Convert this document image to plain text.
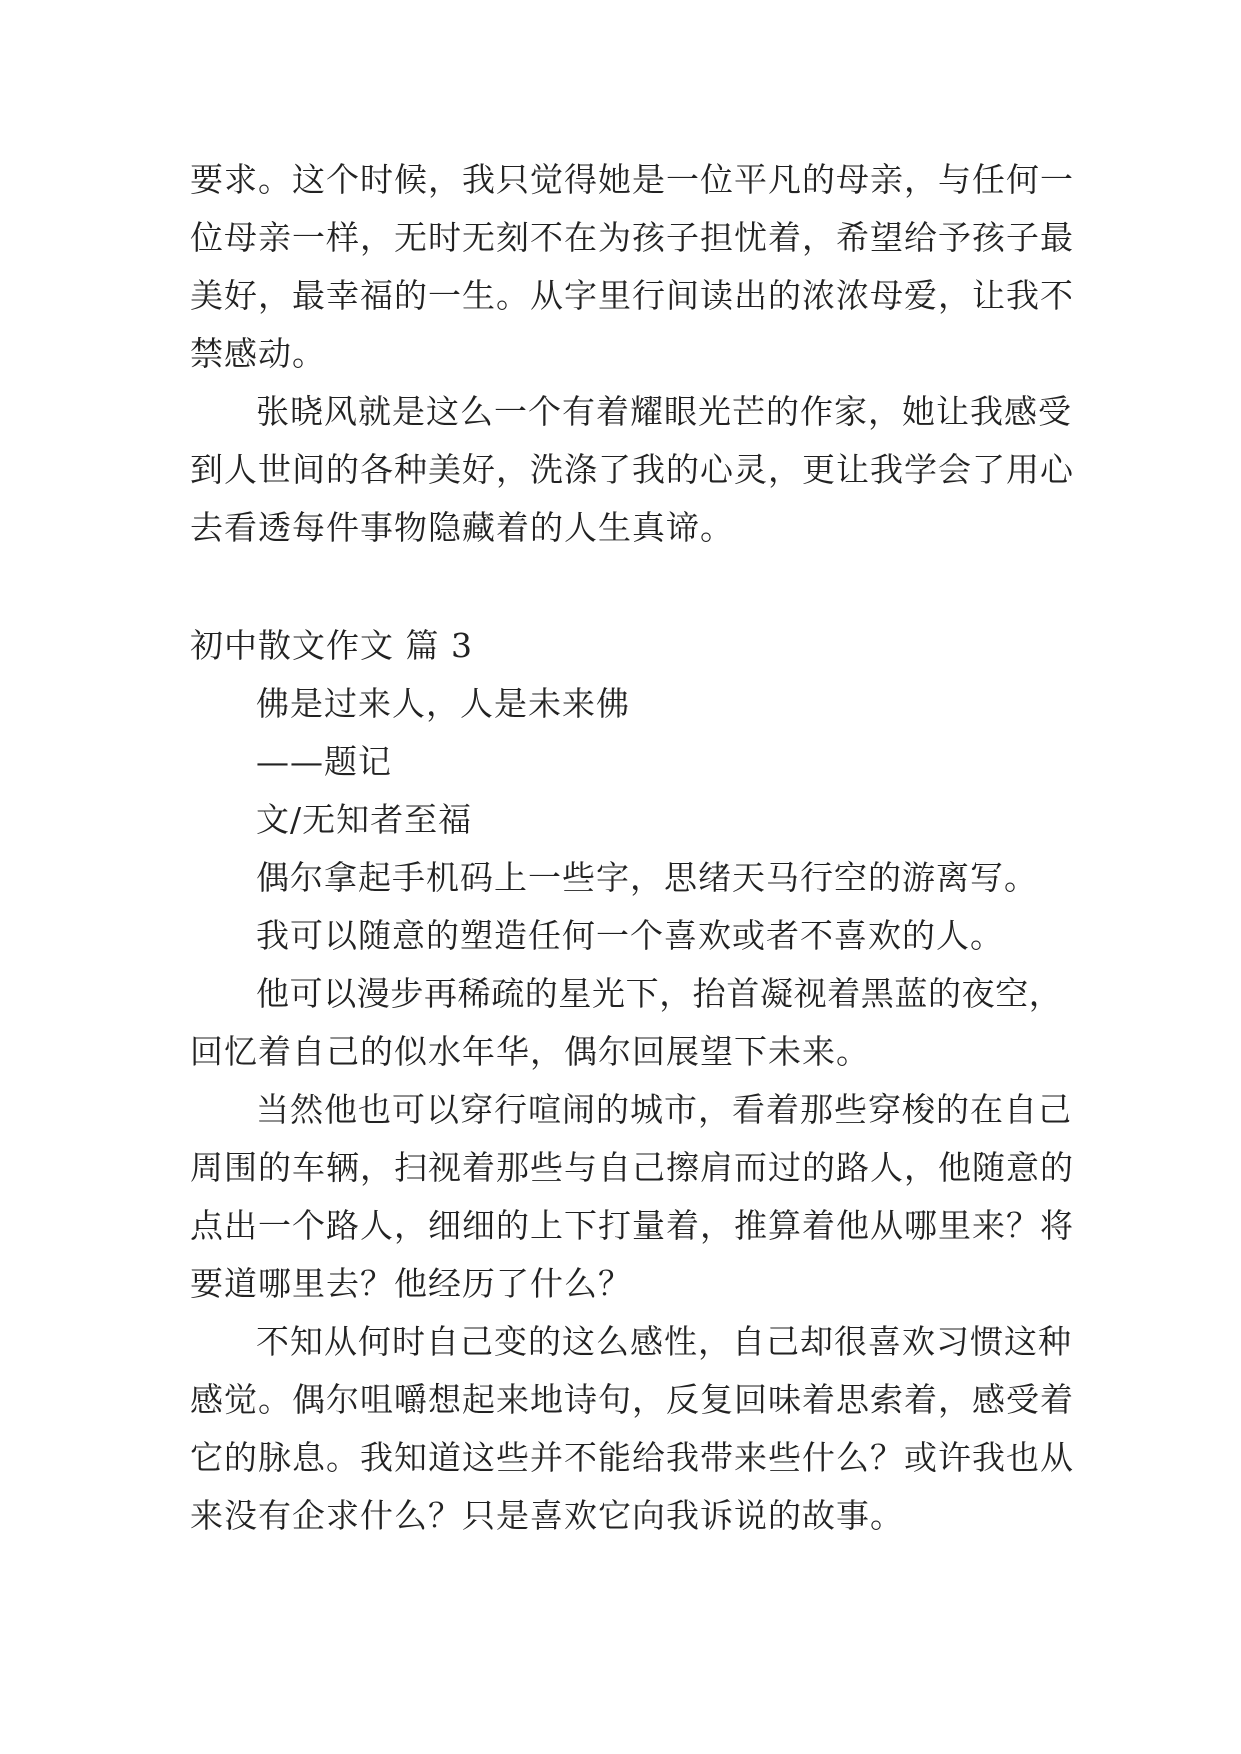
要求。这个时候，我只觉得她是一位平凡的母亲，与任何一
位母亲一样，无时无刻不在为孩子担忧着，希望给予孩子最
美好，最幸福的一生。从字里行间读出的浓浓母爱，让我不
禁感动。
张晓风就是这么一个有着耀眼光芒的作家，她让我感受
到人世间的各种美好，洗涤了我的心灵，更让我学会了用心
去看透每件事物隐藏着的人生真谛。
初中散文作文 篇 3
佛是过来人，人是未来佛
——题记
文/无知者至福
偶尔拿起手机码上一些字，思绪天马行空的游离写。
我可以随意的塑造任何一个喜欢或者不喜欢的人。
他可以漫步再稀疏的星光下，抬首凝视着黑蓝的夜空，
回忆着自己的似水年华，偶尔回展望下未来。
当然他也可以穿行喧闹的城市，看着那些穿梭的在自己
周围的车辆，扫视着那些与自己擦肩而过的路人，他随意的
点出一个路人，细细的上下打量着，推算着他从哪里来？将
要道哪里去？他经历了什么？
不知从何时自己变的这么感性，自己却很喜欢习惯这种
感觉。偶尔咀嚼想起来地诗句，反复回味着思索着，感受着
它的脉息。我知道这些并不能给我带来些什么？或许我也从
来没有企求什么？只是喜欢它向我诉说的故事。
